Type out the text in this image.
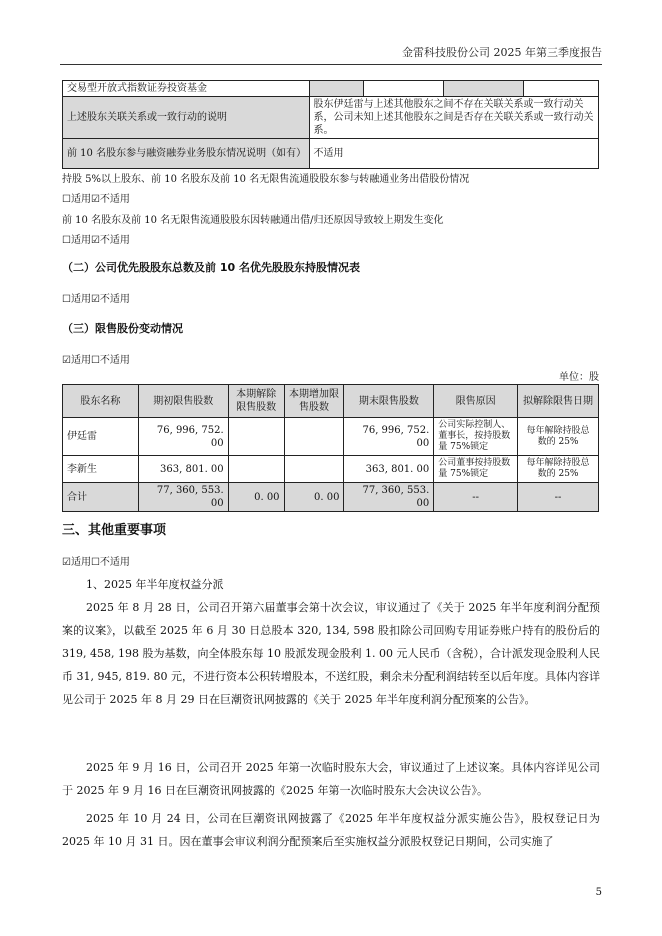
金雷科技股份公司 2025 年第三季度报告
交易型开放式指数证券投资基金				
上述股东关联关系或一致行动的说明	股东伊廷雷与上述其他股东之间不存在关联关系或一致行动关系，公司未知上述其他股东之间是否存在关联关系或一致行动关系。			
前 10 名股东参与融资融券业务股东情况说明（如有）	不适用			
持股 5%以上股东、前 10 名股东及前 10 名无限售流通股股东参与转融通业务出借股份情况
☐适用☑不适用
前 10 名股东及前 10 名无限售流通股股东因转融通出借/归还原因导致较上期发生变化
☐适用☑不适用
（二）公司优先股股东总数及前 10 名优先股股东持股情况表
☐适用☑不适用
（三）限售股份变动情况
☑适用☐不适用
单位：股
股东名称	期初限售股数	本期解除限售股数	本期增加限售股数	期末限售股数	限售原因	拟解除限售日期
伊廷雷	76, 996, 752. 00			76, 996, 752. 00	公司实际控制人、董事长，按持股数量 75%锁定	每年解除持股总数的 25%
李新生	363, 801. 00			363, 801. 00	公司董事按持股数量 75%锁定	每年解除持股总数的 25%
合计	77, 360, 553. 00	0. 00	0. 00	77, 360, 553. 00	--	--
三、其他重要事项
☑适用☐不适用
1、2025 年半年度权益分派
2025 年 8 月 28 日，公司召开第六届董事会第十次会议，审议通过了《关于 2025 年半年度利润分配预案的议案》，以截至 2025 年 6 月 30 日总股本 320, 134, 598 股扣除公司回购专用证券账户持有的股份后的 319, 458, 198 股为基数，向全体股东每 10 股派发现金股利 1. 00 元人民币（含税），合计派发现金股利人民币 31, 945, 819. 80 元，不进行资本公积转增股本，不送红股，剩余未分配利润结转至以后年度。具体内容详见公司于 2025 年 8 月 29 日在巨潮资讯网披露的《关于 2025 年半年度利润分配预案的公告》。
2025 年 9 月 16 日，公司召开 2025 年第一次临时股东大会，审议通过了上述议案。具体内容详见公司于 2025 年 9 月 16 日在巨潮资讯网披露的《2025 年第一次临时股东大会决议公告》。
2025 年 10 月 24 日，公司在巨潮资讯网披露了《2025 年半年度权益分派实施公告》，股权登记日为 2025 年 10 月 31 日。因在董事会审议利润分配预案后至实施权益分派股权登记日期间，公司实施了
5
